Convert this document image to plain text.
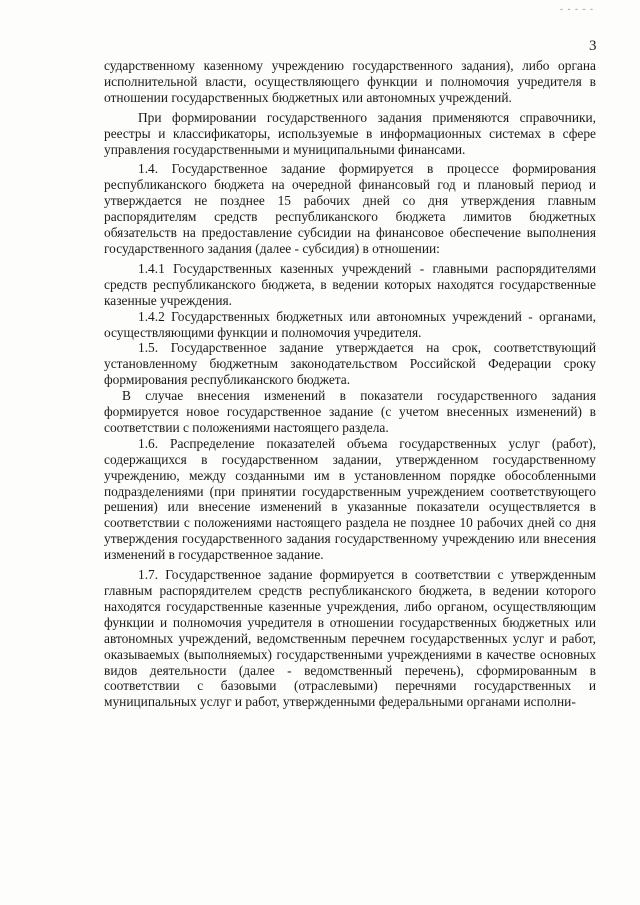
- - - - -
3

сударственному казенному учреждению государственного задания), либо органа исполнительной власти, осуществляющего функции и полномочия учредителя в отношении государственных бюджетных или автономных учреждений.

При формировании государственного задания применяются справочники, реестры и классификаторы, используемые в информационных системах в сфере управления государственными и муниципальными финансами.

1.4. Государственное задание формируется в процессе формирования республиканского бюджета на очередной финансовый год и плановый период и утверждается не позднее 15 рабочих дней со дня утверждения главным распорядителям средств республиканского бюджета лимитов бюджетных обязательств на предоставление субсидии на финансовое обеспечение выполнения государственного задания (далее - субсидия) в отношении:

1.4.1 Государственных казенных учреждений - главными распорядителями средств республиканского бюджета, в ведении которых находятся государственные казенные учреждения.

1.4.2 Государственных бюджетных или автономных учреждений - органами, осуществляющими функции и полномочия учредителя.

1.5. Государственное задание утверждается на срок, соответствующий установленному бюджетным законодательством Российской Федерации сроку формирования республиканского бюджета.

В случае внесения изменений в показатели государственного задания формируется новое государственное задание (с учетом внесенных изменений) в соответствии с положениями настоящего раздела.

1.6. Распределение показателей объема государственных услуг (работ), содержащихся в государственном задании, утвержденном государственному учреждению, между созданными им в установленном порядке обособленными подразделениями (при принятии государственным учреждением соответствующего решения) или внесение изменений в указанные показатели осуществляется в соответствии с положениями настоящего раздела не позднее 10 рабочих дней со дня утверждения государственного задания государственному учреждению или внесения изменений в государственное задание.

1.7. Государственное задание формируется в соответствии с утвержденным главным распорядителем средств республиканского бюджета, в ведении которого находятся государственные казенные учреждения, либо органом, осуществляющим функции и полномочия учредителя в отношении государственных бюджетных или автономных учреждений, ведомственным перечнем государственных услуг и работ, оказываемых (выполняемых) государственными учреждениями в качестве основных видов деятельности (далее - ведомственный перечень), сформированным в соответствии с базовыми (отраслевыми) перечнями государственных и муниципальных услуг и работ, утвержденными федеральными органами исполни-
